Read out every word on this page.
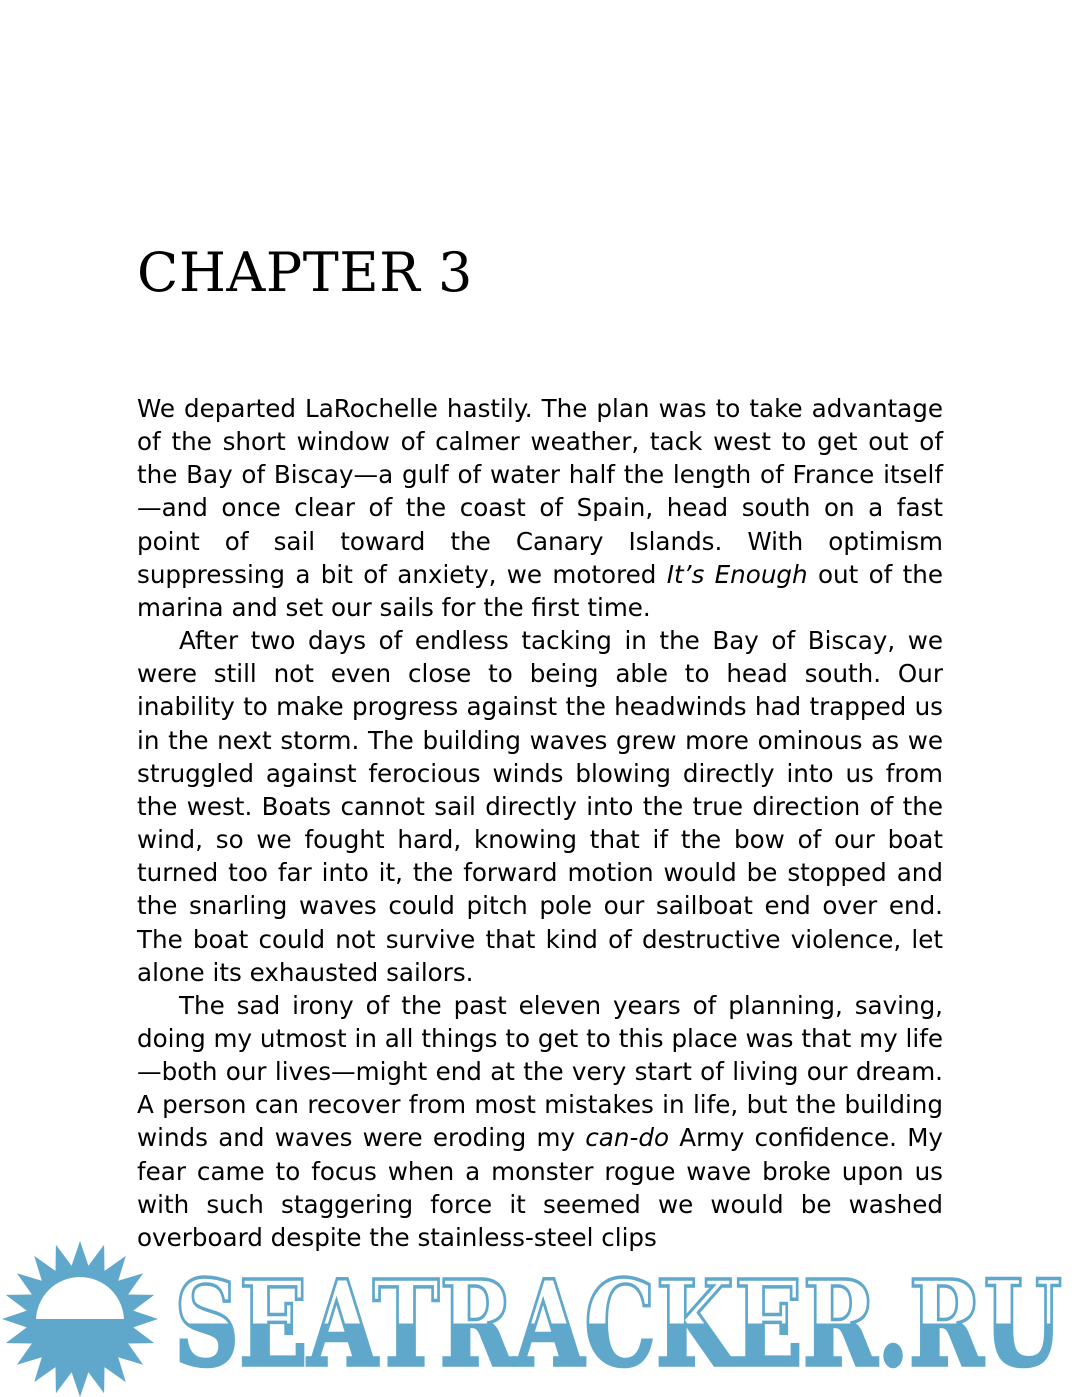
CHAPTER 3

We departed LaRochelle hastily. The plan was to take advantage of the short window of calmer weather, tack west to get out of the Bay of Biscay—a gulf of water half the length of France itself—and once clear of the coast of Spain, head south on a fast point of sail toward the Canary Islands. With optimism suppressing a bit of anxiety, we motored It’s Enough out of the marina and set our sails for the first time.

After two days of endless tacking in the Bay of Biscay, we were still not even close to being able to head south. Our inability to make progress against the headwinds had trapped us in the next storm. The building waves grew more ominous as we struggled against ferocious winds blowing directly into us from the west. Boats cannot sail directly into the true direction of the wind, so we fought hard, knowing that if the bow of our boat turned too far into it, the forward motion would be stopped and the snarling waves could pitch pole our sailboat end over end. The boat could not survive that kind of destructive violence, let alone its exhausted sailors.

The sad irony of the past eleven years of planning, saving, doing my utmost in all things to get to this place was that my life—both our lives—might end at the very start of living our dream. A person can recover from most mistakes in life, but the building winds and waves were eroding my can-do Army confidence. My fear came to focus when a monster rogue wave broke upon us with such staggering force it seemed we would be washed overboard despite the stainless-steel clips

SEATRACKER.RU
